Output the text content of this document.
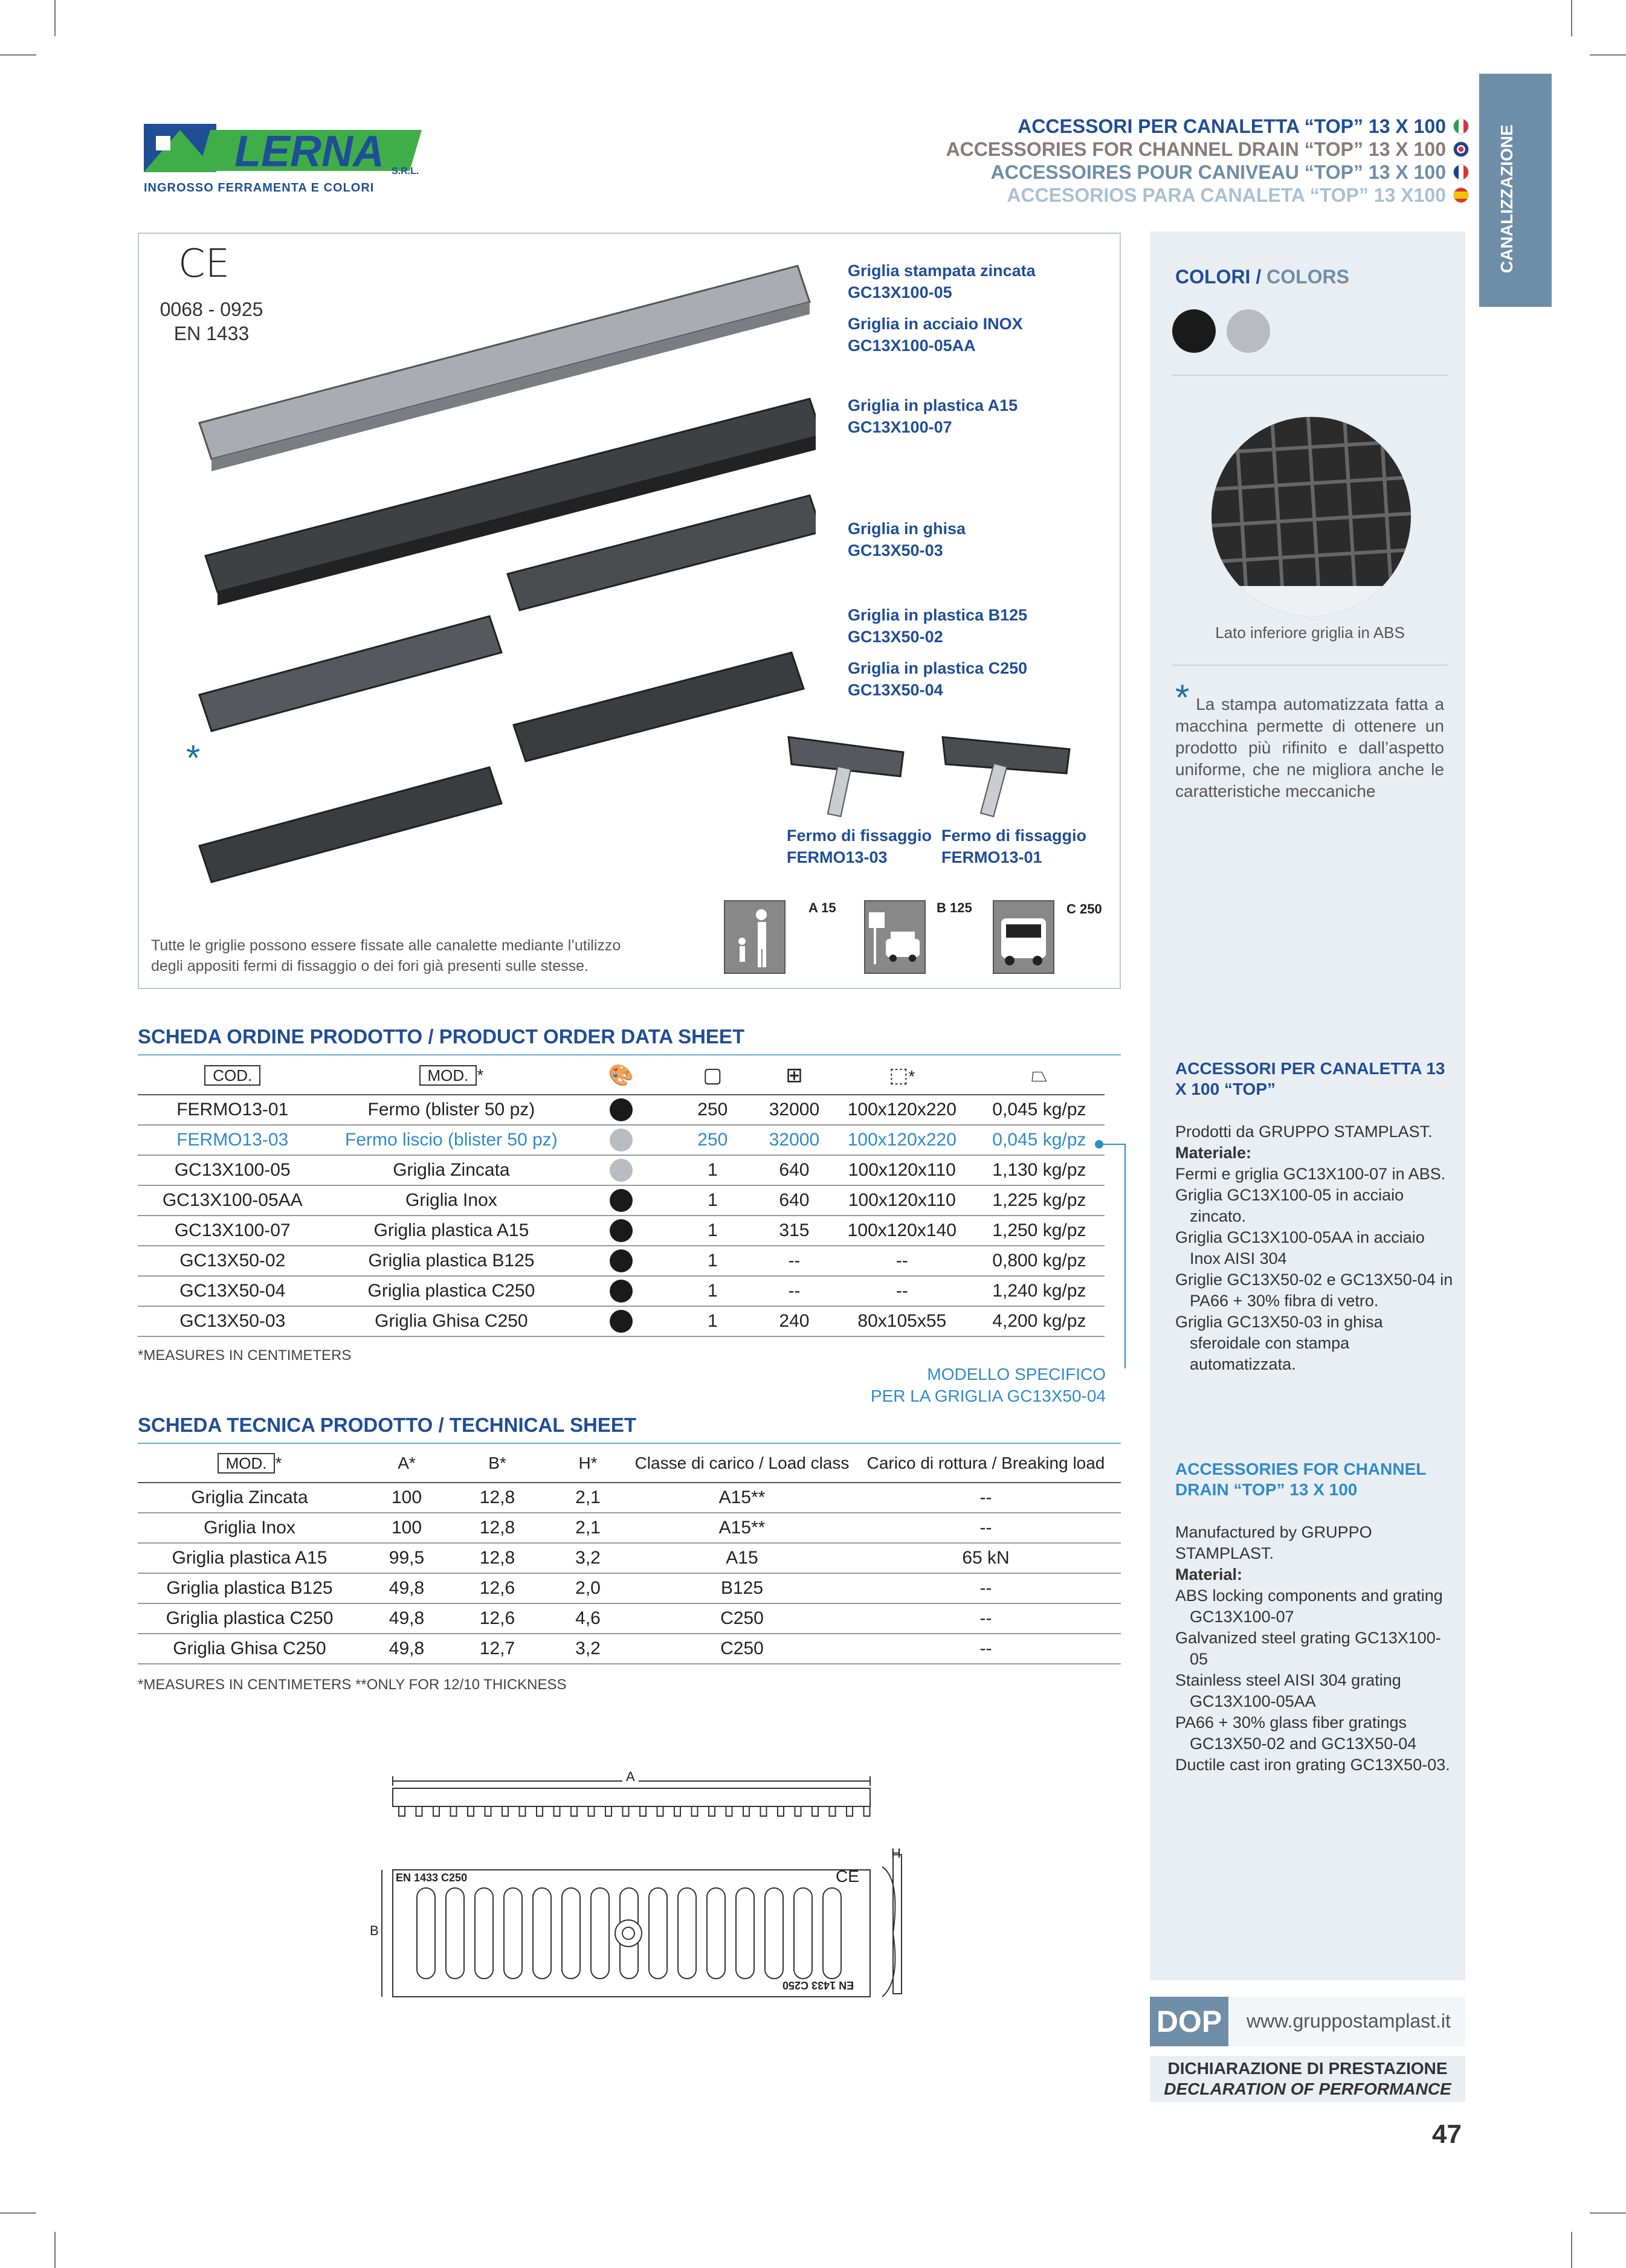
LERNA S.R.L.
INGROSSO FERRAMENTA E COLORI
ACCESSORI PER CANALETTA “TOP” 13 X 100
ACCESSORIES FOR CHANNEL DRAIN “TOP” 13 X 100
ACCESSOIRES POUR CANIVEAU “TOP” 13 X 100
ACCESORIOS PARA CANALETA “TOP” 13 X100	CANALIZZAZIONE
COLORI / COLORS
Lato inferiore griglia in ABS
* La stampa automatizzata fatta a macchina permette di ottenere un prodotto più rifinito e dall’aspetto uniforme, che ne migliora anche le caratteristiche meccaniche
ACCESSORI PER CANALETTA 13 X 100 “TOP”
Prodotti da GRUPPO STAMPLAST.
Materiale:
Fermi e griglia GC13X100-07 in ABS.
Griglia GC13X100-05 in acciaio zincato.
Griglia GC13X100-05AA in acciaio Inox AISI 304
Griglie GC13X50-02 e GC13X50-04 in PA66 + 30% fibra di vetro.
Griglia GC13X50-03 in ghisa sferoidale con stampa automatizzata.
ACCESSORIES FOR CHANNEL DRAIN “TOP” 13 X 100
Manufactured by GRUPPO STAMPLAST.
Material:
ABS locking components and grating GC13X100-07
Galvanized steel grating GC13X100-05
Stainless steel AISI 304 grating GC13X100-05AA
PA66 + 30% glass fiber gratings GC13X50-02 and GC13X50-04
Ductile cast iron grating GC13X50-03.
CE
0068 - 0925
EN 1433
*
Griglia stampata zincata
GC13X100-05
Griglia in acciaio INOX
GC13X100-05AA
Griglia in plastica A15
GC13X100-07
Griglia in ghisa
GC13X50-03
Griglia in plastica B125
GC13X50-02
Griglia in plastica C250
GC13X50-04
Fermo di fissaggio
FERMO13-03
Fermo di fissaggio
FERMO13-01
Tutte le griglie possono essere fissate alle canalette mediante l’utilizzo
degli appositi fermi di fissaggio o dei fori già presenti sulle stesse.
A 15	B 125	C 250
SCHEDA ORDINE PRODOTTO / PRODUCT ORDER DATA SHEET
COD.	MOD. *	🎨	▢	⊞	⬚*	⏢
FERMO13-01	Fermo (blister 50 pz)		250	32000	100x120x220	0,045 kg/pz
FERMO13-03	Fermo liscio (blister 50 pz)		250	32000	100x120x220	0,045 kg/pz
GC13X100-05	Griglia Zincata		1	640	100x120x110	1,130 kg/pz
GC13X100-05AA	Griglia Inox		1	640	100x120x110	1,225 kg/pz
GC13X100-07	Griglia plastica A15		1	315	100x120x140	1,250 kg/pz
GC13X50-02	Griglia plastica B125		1	--	--	0,800 kg/pz
GC13X50-04	Griglia plastica C250		1	--	--	1,240 kg/pz
GC13X50-03	Griglia Ghisa C250		1	240	80x105x55	4,200 kg/pz
*MEASURES IN CENTIMETERS
MODELLO SPECIFICO
PER LA GRIGLIA GC13X50-04
SCHEDA TECNICA PRODOTTO / TECHNICAL SHEET
MOD. *	A*	B*	H*	Classe di carico / Load class	Carico di rottura / Breaking load
Griglia Zincata	100	12,8	2,1	A15**	--
Griglia Inox	100	12,8	2,1	A15**	--
Griglia plastica A15	99,5	12,8	3,2	A15	65 kN
Griglia plastica B125	49,8	12,6	2,0	B125	--
Griglia plastica C250	49,8	12,6	4,6	C250	--
Griglia Ghisa C250	49,8	12,7	3,2	C250	--
*MEASURES IN CENTIMETERS **ONLY FOR 12/10 THICKNESS
A
B
H
EN 1433 C250
EN 1433 C250
CE
DOP	www.gruppostamplast.it
DICHIARAZIONE DI PRESTAZIONE
DECLARATION OF PERFORMANCE
47
